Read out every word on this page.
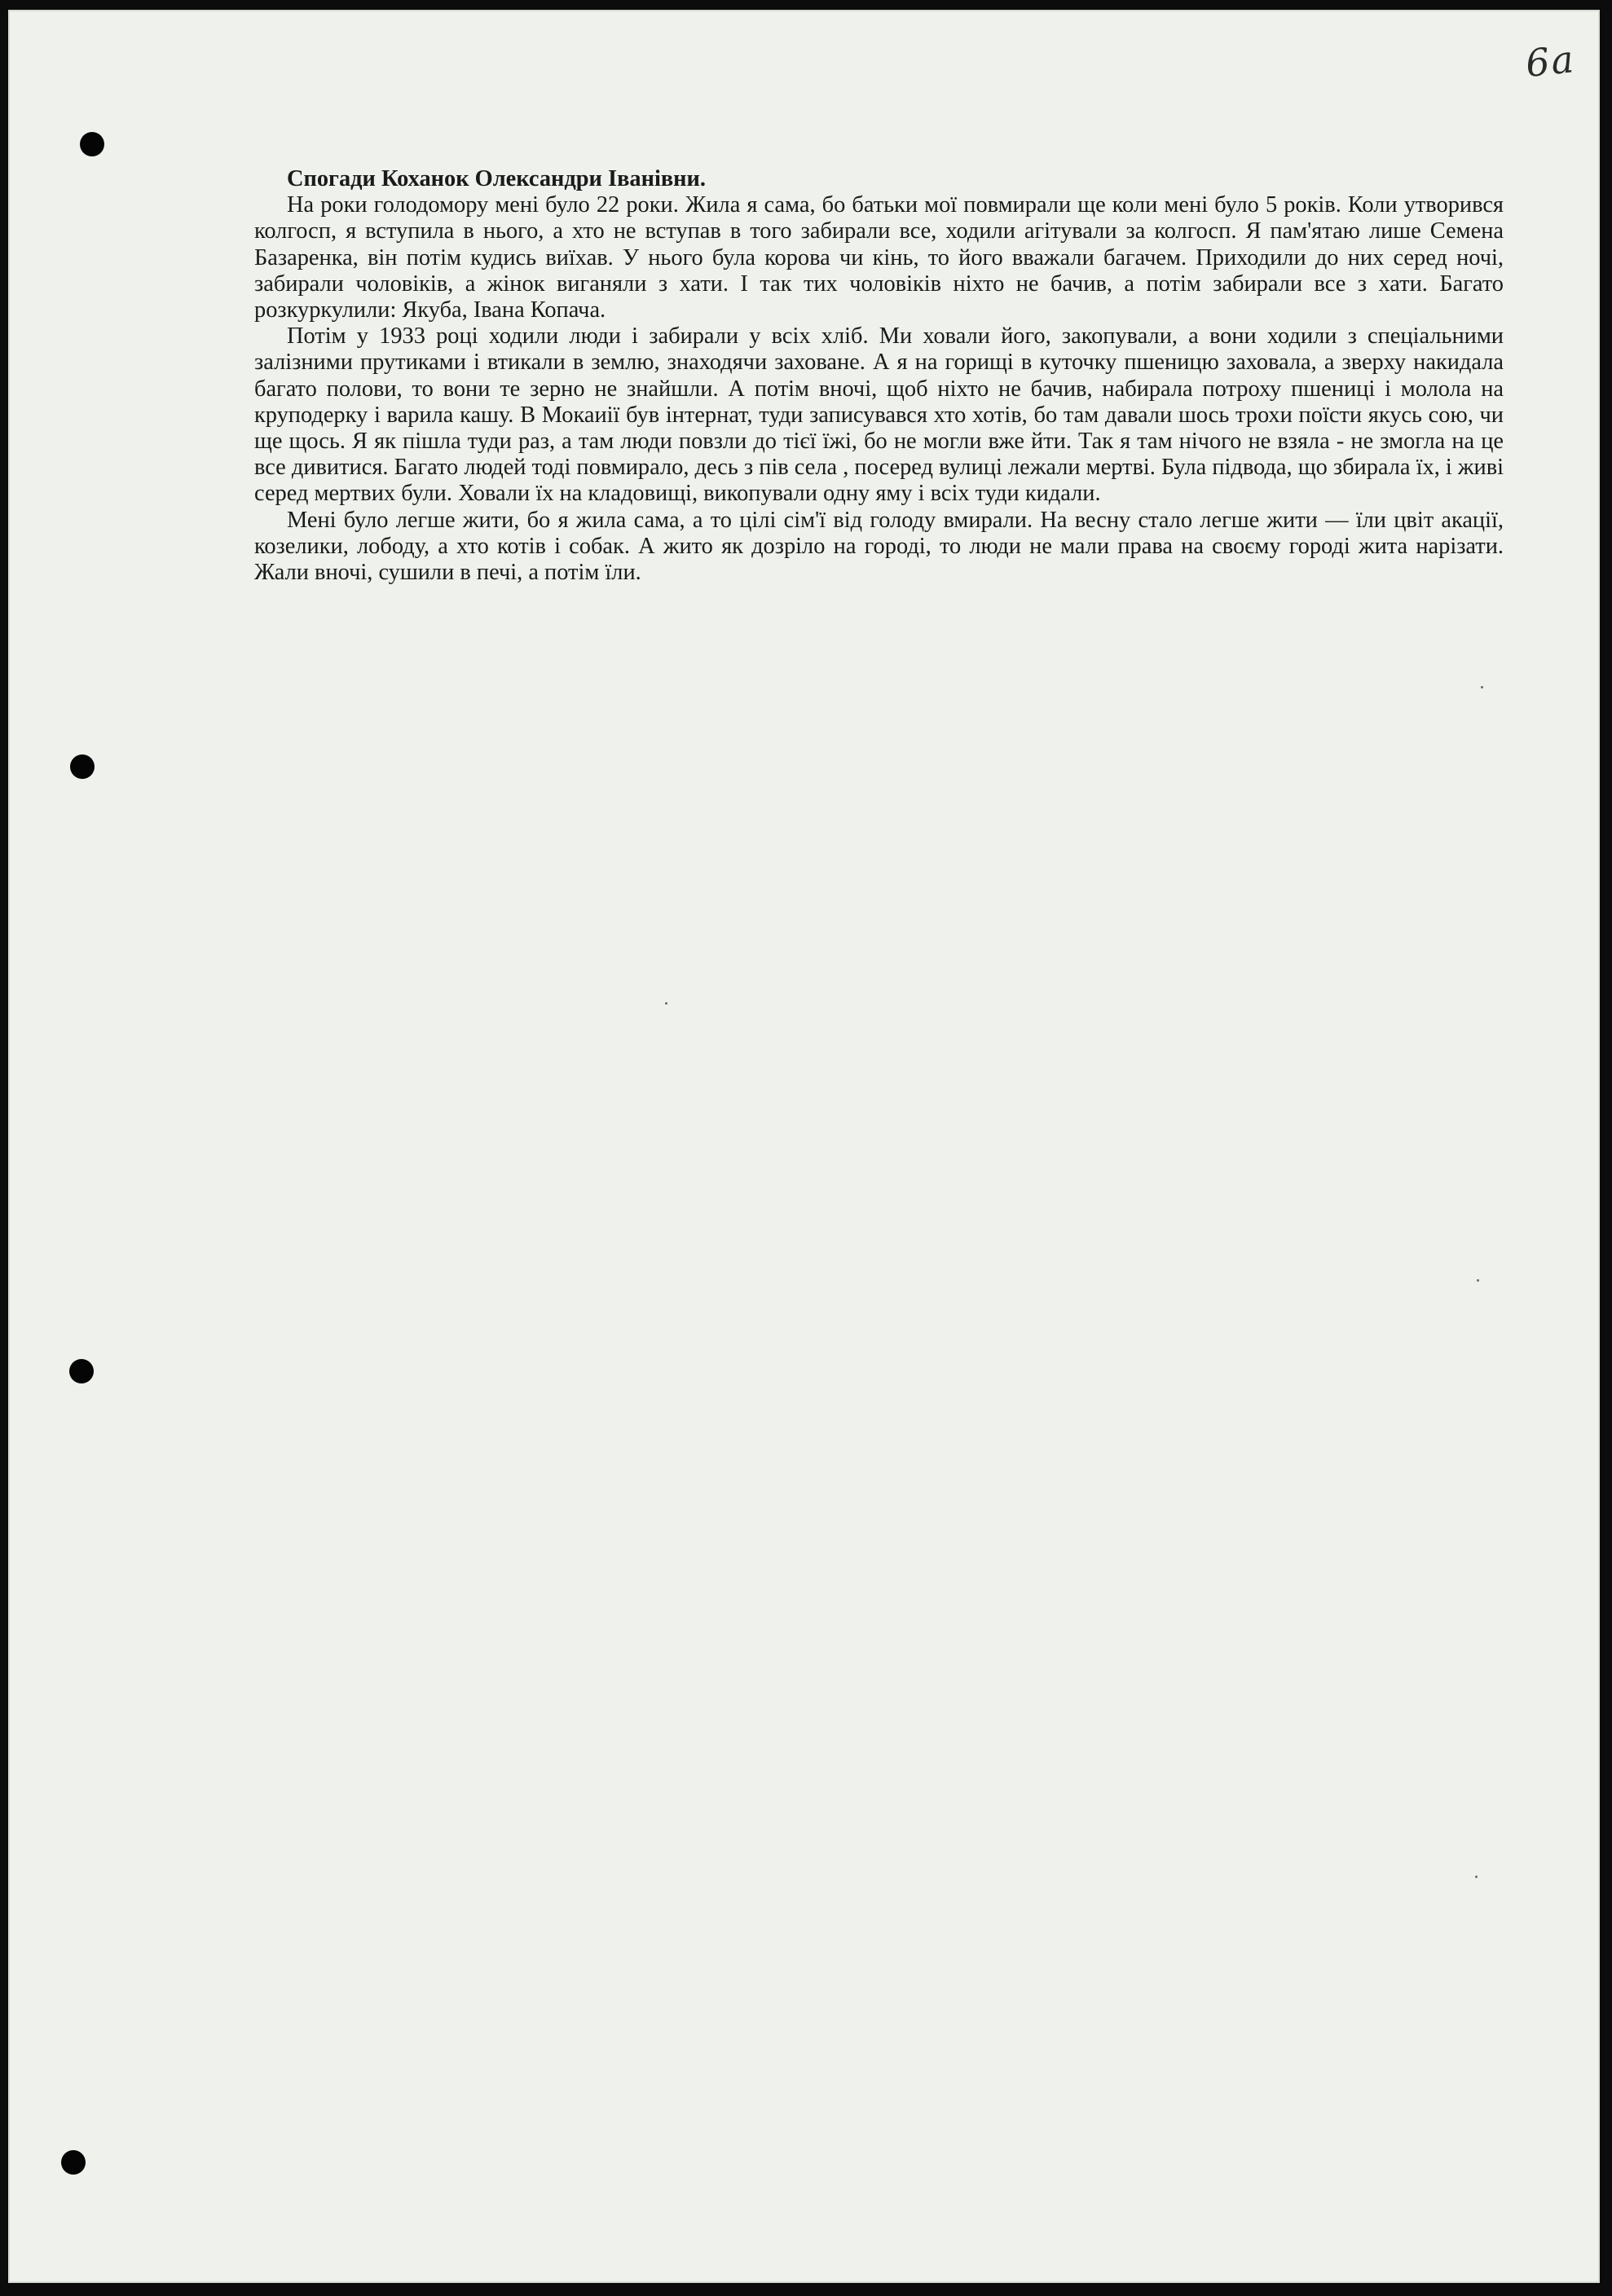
6а

Спогади Коханок Олександри Іванівни.

На роки голодомору мені було 22 роки. Жила я сама, бо батьки мої повмирали ще коли мені було 5 років. Коли утворився колгосп, я вступила в нього, а хто не вступав в того забирали все, ходили агітували за колгосп. Я пам'ятаю лише Семена Базаренка, він потім кудись виїхав. У нього була корова чи кінь, то його вважали багачем. Приходили до них серед ночі, забирали чоловіків, а жінок виганяли з хати. І так тих чоловіків ніхто не бачив, а потім забирали все з хати. Багато розкуркулили: Якуба, Івана Копача.

Потім у 1933 році ходили люди і забирали у всіх хліб. Ми ховали його, закопували, а вони ходили з спеціальними залізними прутиками і втикали в землю, знаходячи заховане. А я на горищі в куточку пшеницю заховала, а зверху накидала багато полови, то вони те зерно не знайшли. А потім вночі, щоб ніхто не бачив, набирала потроху пшениці і молола на круподерку і варила кашу. В Мокаиії був інтернат, туди записувався хто хотів, бо там давали шось трохи поїсти якусь сою, чи ще щось. Я як пішла туди раз, а там люди повзли до тієї їжі, бо не могли вже йти. Так я там нічого не взяла - не змогла на це все дивитися. Багато людей тоді повмирало, десь з пів села , посеред вулиці лежали мертві. Була підвода, що збирала їх, і живі серед мертвих були. Ховали їх на кладовищі, викопували одну яму і всіх туди кидали.

Мені було легше жити, бо я жила сама, а то цілі сім'ї від голоду вмирали. На весну стало легше жити — їли цвіт акації, козелики, лободу, а хто котів і собак. А жито як дозріло на городі, то люди не мали права на своєму городі жита нарізати. Жали вночі, сушили в печі, а потім їли.
